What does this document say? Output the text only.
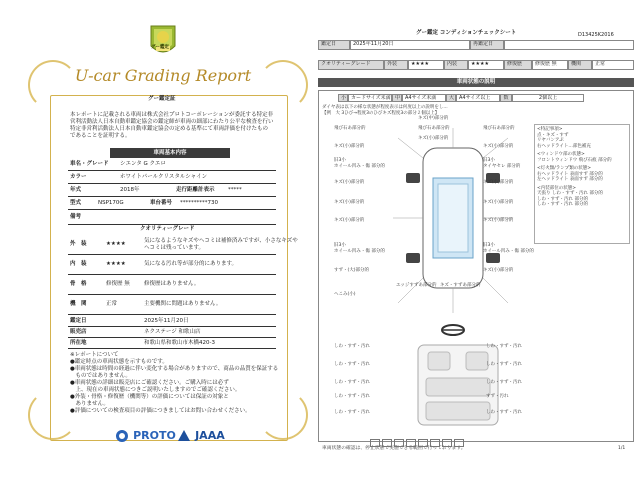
グー鑑定
U-car Grading Report
グー鑑定証
本レポートに記載される車両は株式会社プロトコーポレーションが委託する特定非
営利活動法人日本自動車鑑定協会の鑑定師が車両の細部にわたり公平な検査を行い
特定非営利活動法人日本自動車鑑定協会の定める基準にて車両評価を付けたもの
であることを証明する。
車両基本内容
車名・グレード シエンタ G クエロ
カラー	ホワイトパールクリスタルシャイン
年式	2018年	走行距離計表示 *****
型式	NSP170G	車台番号 **********730
備考
クオリティーグレード
外　装	★★★★	気になるようなキズやヘコミは補修済みですが、小さなキズや
ヘコミは残っています。
内　装	★★★★	気になる汚れ等が部分的にあります。
骨　格	修復歴 無	修復歴はありません。
機　関	正常	主要機関に問題はありません。
鑑定日	2025年11月20日
販売店	ネクステージ 和歌山店
所在地	和歌山県和歌山市木橋420-3
※レポートについて
●鑑定時点の車両状態を示すものです。
●車両状態は時間の経過に伴い変化する場合がありますので、商品の品質を保証する
　ものではありません。
●車両状態の詳細は販売店にご確認ください。ご購入時には必ず
　上、現在の車両状態につきご説明いたしますのでご確認ください。
●外装・骨格・修復歴（機関等）の評価については保証の対象と
　ありません。
●評価についての検査項目の評価につきましてはお問い合わせください。
PROTO	JAAA
D13425K2016
グー鑑定 コンディションチェックシート
鑑定日	2025年11月20日	再鑑定日
クオリティーグレード	外装	★★★★	内装	★★★★	修復歴	修復歴 無	機関	正常
車両状態の説明
小 カードサイズ未満 中 A4サイズ未満	大 A4サイズ以上	数	2個以上
ダイヤ表は以下の様な状態が程度表示は何度以上の説明をし...
【例　大 3ひび→程度3のひびキズ程度3の部分２個以上】
飛び石あ部分的
キズ(小)部分的
旧3小
ホイール凹み・傷 部分的
キズ(小)部分的
キズ(小)部分的
キズ(小)部分的
旧3小
ホイール凹み・傷 部分的
すず・(大)部分的
ヘこみ(小)
飛び石あ部分的
キズ(小)部分的
旧3小
タイヤセレ 部分的
キズ(小)部分的
キズ(小)部分的
キズ(小)部分的
旧3小
ホイール凹み・傷 部分的
キズ(小)部分的
キズ(中)部分的
飛び石あ部分的
キズ(小)部分的
エッジすずあ部分的 キズ・すずあ部分的
<特記事項>
点・キズ・すず
リヤバンアぷ
右ヘッドライト…部色補充
<ウィンドウ部の状態>
フロントウィンドウ 飛び石痕 部分的
<灯火類/ランプ類の状態>
右ヘッドライト 表面すず 部分的
左ヘッドライト 表面すず 部分的
<内装部位の状態>
天張り しわ・すず・汚れ 部分的
しわ・すず・汚れ 部分的
しわ・すず・汚れ 部分的
しわ・すず・汚れ	しわ・すず・汚れ
しわ・すず・汚れ	しわ・すず・汚れ
しわ・すず・汚れ	しわ・すず・汚れ
しわ・すず・汚れ	すず・汚れ
しわ・すず・汚れ	しわ・すず・汚れ
車両状態の確認は、停止状態で実施できる範囲で行っております。	1/1
